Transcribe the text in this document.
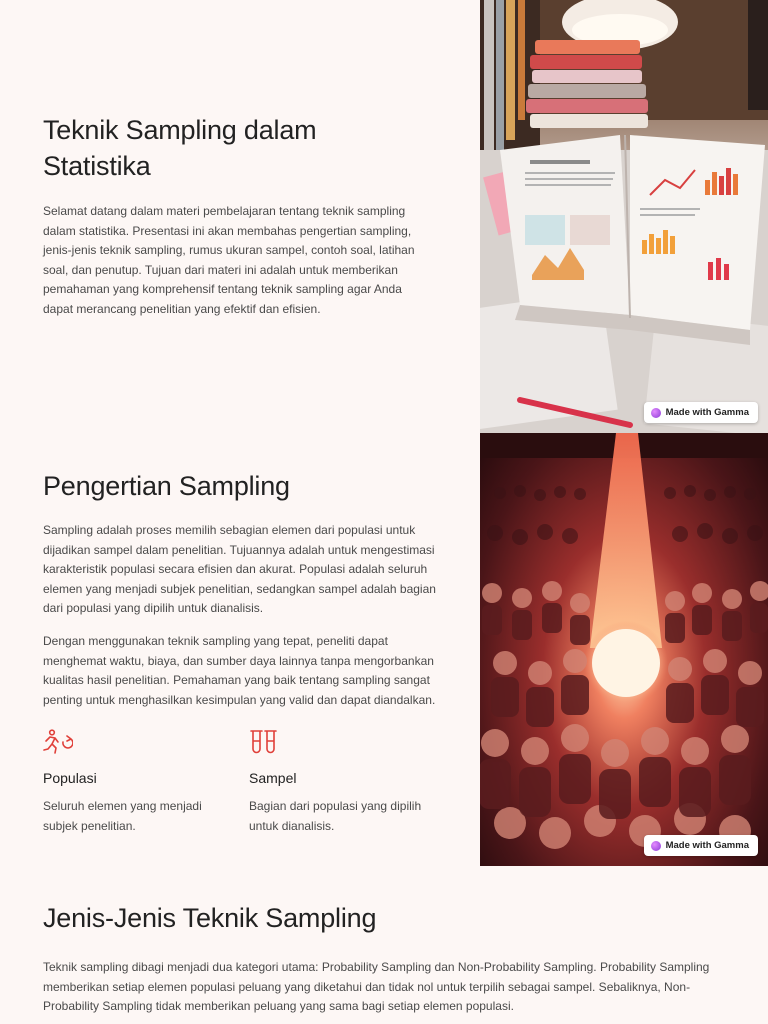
Teknik Sampling dalam Statistika

Selamat datang dalam materi pembelajaran tentang teknik sampling dalam statistika. Presentasi ini akan membahas pengertian sampling, jenis-jenis teknik sampling, rumus ukuran sampel, contoh soal, latihan soal, dan penutup. Tujuan dari materi ini adalah untuk memberikan pemahaman yang komprehensif tentang teknik sampling agar Anda dapat merancang penelitian yang efektif dan efisien.

Made with Gamma
Pengertian Sampling

Sampling adalah proses memilih sebagian elemen dari populasi untuk dijadikan sampel dalam penelitian. Tujuannya adalah untuk mengestimasi karakteristik populasi secara efisien dan akurat. Populasi adalah seluruh elemen yang menjadi subjek penelitian, sedangkan sampel adalah bagian dari populasi yang dipilih untuk dianalisis.

Dengan menggunakan teknik sampling yang tepat, peneliti dapat menghemat waktu, biaya, dan sumber daya lainnya tanpa mengorbankan kualitas hasil penelitian. Pemahaman yang baik tentang sampling sangat penting untuk menghasilkan kesimpulan yang valid dan dapat diandalkan.

Populasi
Seluruh elemen yang menjadi subjek penelitian.
Sampel
Bagian dari populasi yang dipilih untuk dianalisis.
Made with Gamma
Jenis-Jenis Teknik Sampling

Teknik sampling dibagi menjadi dua kategori utama: Probability Sampling dan Non-Probability Sampling. Probability Sampling memberikan setiap elemen populasi peluang yang diketahui dan tidak nol untuk terpilih sebagai sampel. Sebaliknya, Non-Probability Sampling tidak memberikan peluang yang sama bagi setiap elemen populasi.
